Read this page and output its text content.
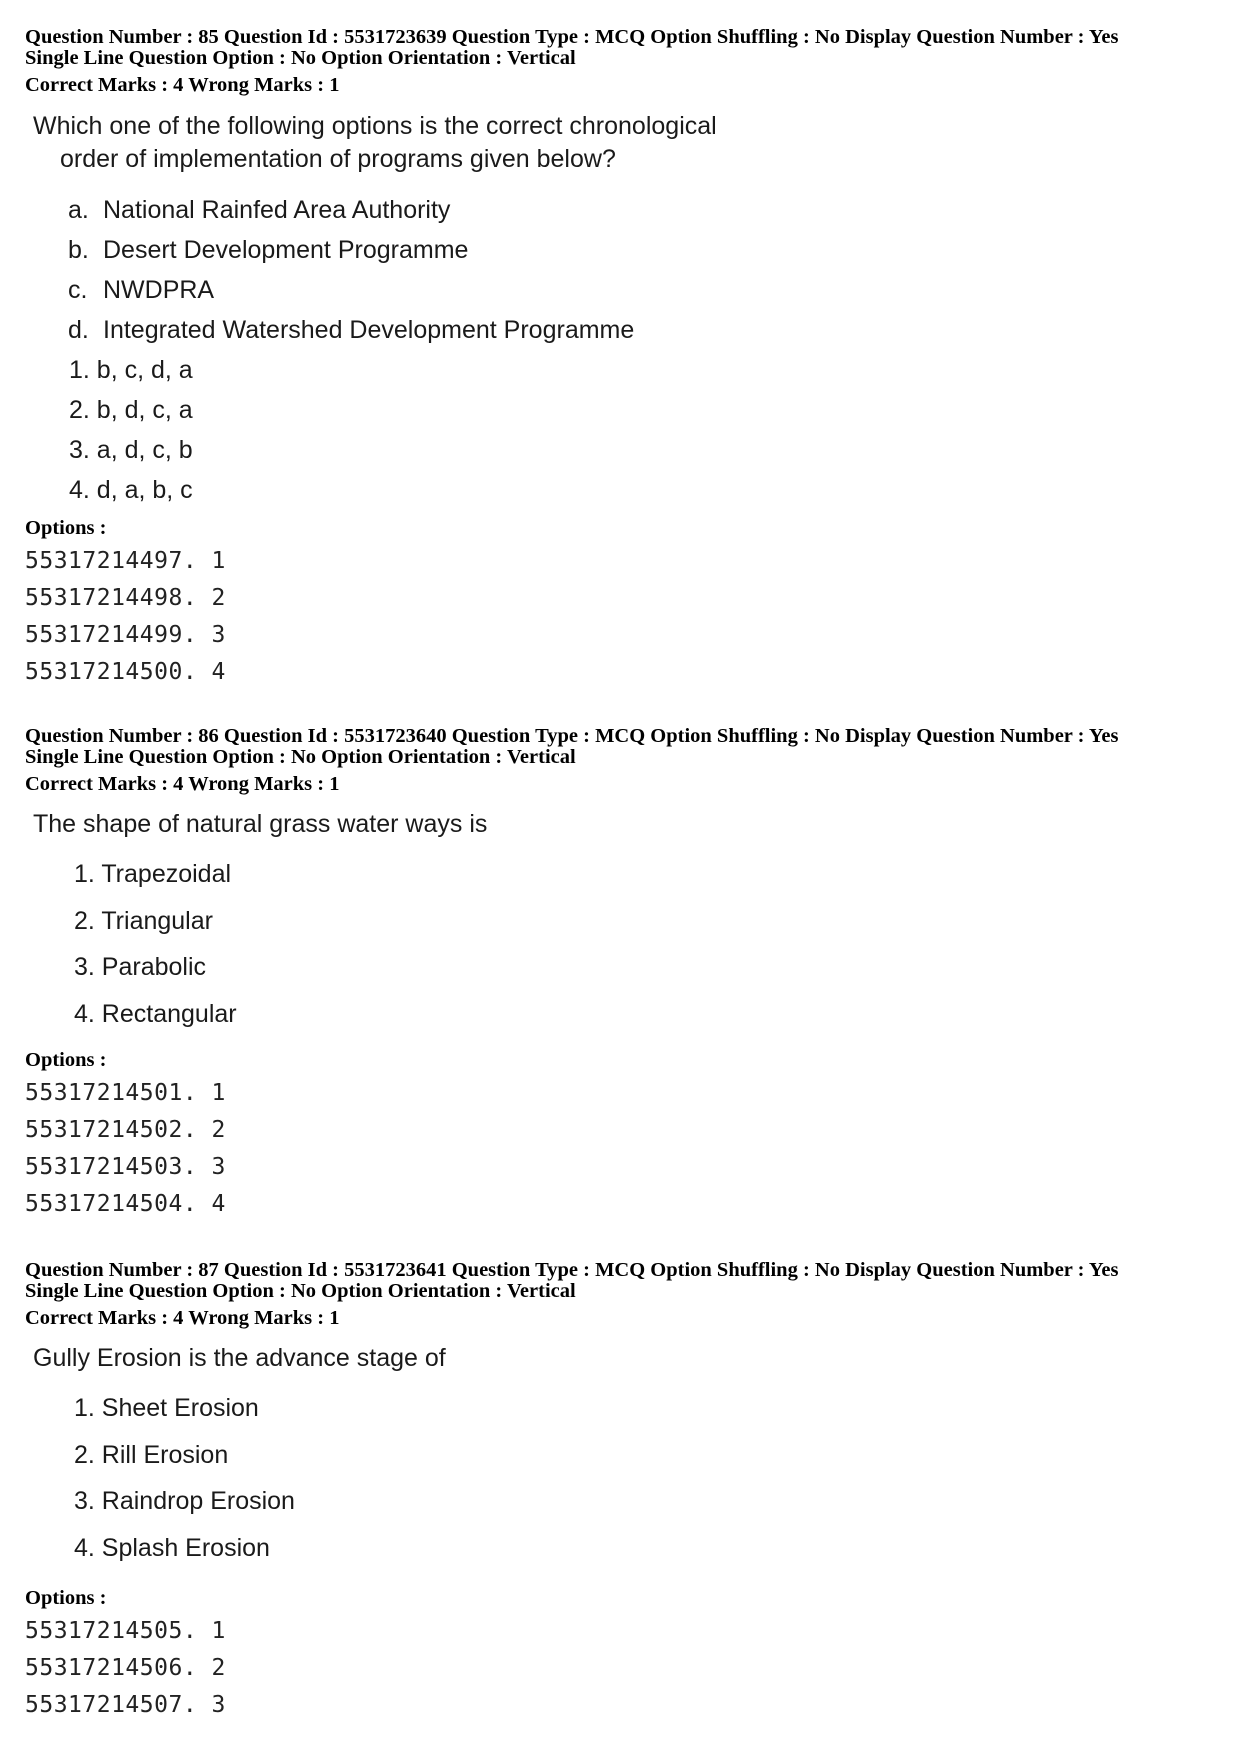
Question Number : 85 Question Id : 5531723639 Question Type : MCQ Option Shuffling : No Display Question Number : Yes

Single Line Question Option : No Option Orientation : Vertical

Correct Marks : 4 Wrong Marks : 1

Which one of the following options is the correct chronological
order of implementation of programs given below?

a. National Rainfed Area Authority

b. Desert Development Programme

c. NWDPRA

d. Integrated Watershed Development Programme

1. b, c, d, a

2. b, d, c, a

3. a, d, c, b

4. d, a, b, c

Options :

55317214497. 1

55317214498. 2

55317214499. 3

55317214500. 4

Question Number : 86 Question Id : 5531723640 Question Type : MCQ Option Shuffling : No Display Question Number : Yes

Single Line Question Option : No Option Orientation : Vertical

Correct Marks : 4 Wrong Marks : 1

The shape of natural grass water ways is

1. Trapezoidal

2. Triangular

3. Parabolic

4. Rectangular

Options :

55317214501. 1

55317214502. 2

55317214503. 3

55317214504. 4

Question Number : 87 Question Id : 5531723641 Question Type : MCQ Option Shuffling : No Display Question Number : Yes

Single Line Question Option : No Option Orientation : Vertical

Correct Marks : 4 Wrong Marks : 1

Gully Erosion is the advance stage of

1. Sheet Erosion

2. Rill Erosion

3. Raindrop Erosion

4. Splash Erosion

Options :

55317214505. 1

55317214506. 2

55317214507. 3
